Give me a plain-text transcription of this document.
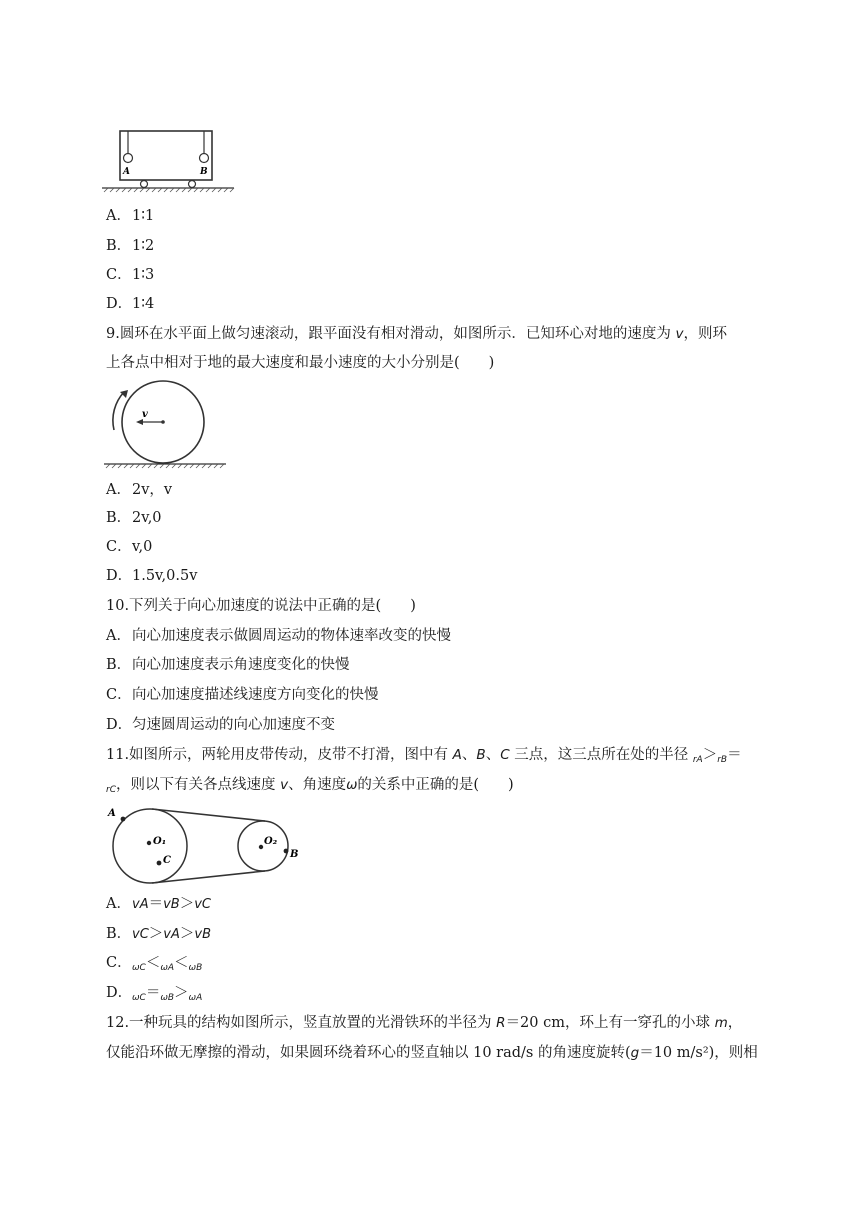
A	B
A．1∶1
B．1∶2
C．1∶3
D．1∶4
9.圆环在水平面上做匀速滚动，跟平面没有相对滑动，如图所示．已知环心对地的速度为 v，则环
上各点中相对于地的最大速度和最小速度的大小分别是(　　)
v
A．2v，v
B．2v,0
C．v,0
D．1.5v,0.5v
10.下列关于向心加速度的说法中正确的是(　　)
A．向心加速度表示做圆周运动的物体速率改变的快慢
B．向心加速度表示角速度变化的快慢
C．向心加速度描述线速度方向变化的快慢
D．匀速圆周运动的向心加速度不变
11.如图所示，两轮用皮带传动，皮带不打滑，图中有 A、B、C 三点，这三点所在处的半径 $_{rA}>_{rB}=$
$_{rC}$，则以下有关各点线速度 v、角速度ω的关系中正确的是(　　)
A
O₁
C
O₂
B
A．vA＝vB＞vC
B．vC＞vA＞vB
C．$_{\omega C}<_{\omega A}<_{\omega B}$
D．$_{\omega C}=_{\omega B}>_{\omega A}$
12.一种玩具的结构如图所示，竖直放置的光滑铁环的半径为 R＝20 cm，环上有一穿孔的小球 m，
仅能沿环做无摩擦的滑动，如果圆环绕着环心的竖直轴以 10 rad/s 的角速度旋转(g＝10 m/s²)，则相
